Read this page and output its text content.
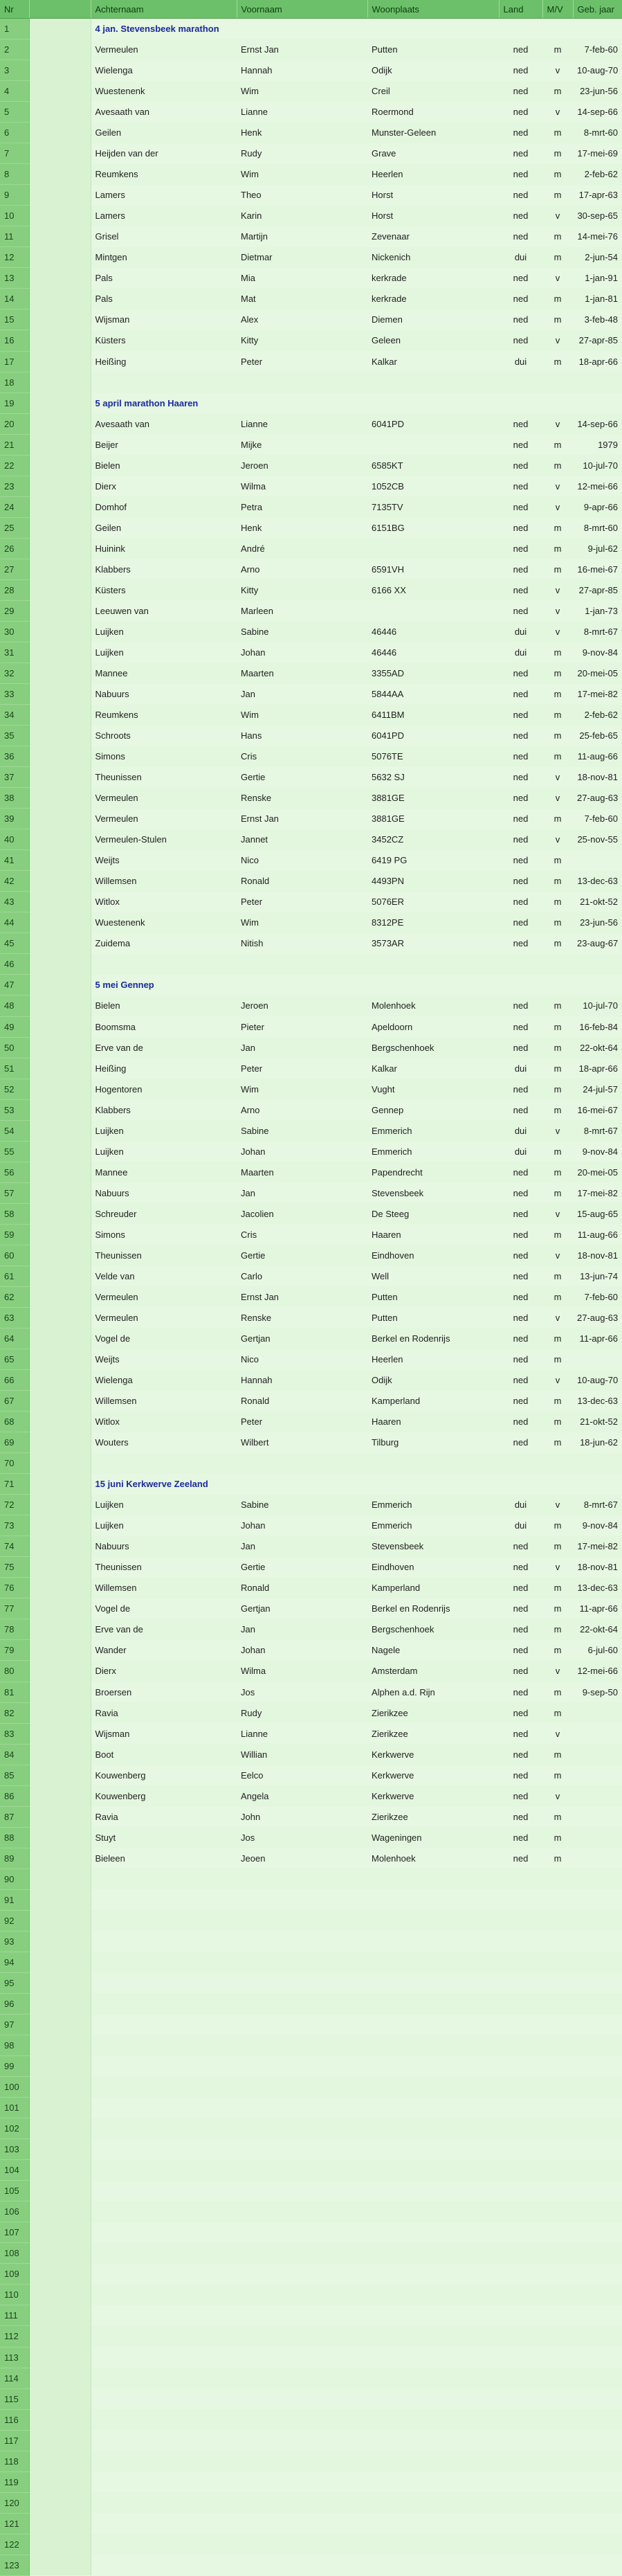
Nr		Achternaam	Voornaam	Woonplaats	Land	M/V	Geb. jaar
1		4 jan. Stevensbeek marathon					
2		Vermeulen	Ernst Jan	Putten	ned	m	7-feb-60
3		Wielenga	Hannah	Odijk	ned	v	10-aug-70
4		Wuestenenk	Wim	Creil	ned	m	23-jun-56
5		Avesaath van	Lianne	Roermond	ned	v	14-sep-66
6		Geilen	Henk	Munster-Geleen	ned	m	8-mrt-60
7		Heijden van der	Rudy	Grave	ned	m	17-mei-69
8		Reumkens	Wim	Heerlen	ned	m	2-feb-62
9		Lamers	Theo	Horst	ned	m	17-apr-63
10		Lamers	Karin	Horst	ned	v	30-sep-65
11		Grisel	Martijn	Zevenaar	ned	m	14-mei-76
12		Mintgen	Dietmar	Nickenich	dui	m	2-jun-54
13		Pals	Mia	kerkrade	ned	v	1-jan-91
14		Pals	Mat	kerkrade	ned	m	1-jan-81
15		Wijsman	Alex	Diemen	ned	m	3-feb-48
16		Küsters	Kitty	Geleen	ned	v	27-apr-85
17		Heißing	Peter	Kalkar	dui	m	18-apr-66
18							
19		5 april marathon Haaren					
20		Avesaath van	Lianne	6041PD	ned	v	14-sep-66
21		Beijer	Mijke		ned	m	1979
22		Bielen	Jeroen	6585KT	ned	m	10-jul-70
23		Dierx	Wilma	1052CB	ned	v	12-mei-66
24		Domhof	Petra	7135TV	ned	v	9-apr-66
25		Geilen	Henk	6151BG	ned	m	8-mrt-60
26		Huinink	André		ned	m	9-jul-62
27		Klabbers	Arno	6591VH	ned	m	16-mei-67
28		Küsters	Kitty	6166 XX	ned	v	27-apr-85
29		Leeuwen van	Marleen		ned	v	1-jan-73
30		Luijken	Sabine	46446	dui	v	8-mrt-67
31		Luijken	Johan	46446	dui	m	9-nov-84
32		Mannee	Maarten	3355AD	ned	m	20-mei-05
33		Nabuurs	Jan	5844AA	ned	m	17-mei-82
34		Reumkens	Wim	6411BM	ned	m	2-feb-62
35		Schroots	Hans	6041PD	ned	m	25-feb-65
36		Simons	Cris	5076TE	ned	m	11-aug-66
37		Theunissen	Gertie	5632 SJ	ned	v	18-nov-81
38		Vermeulen	Renske	3881GE	ned	v	27-aug-63
39		Vermeulen	Ernst Jan	3881GE	ned	m	7-feb-60
40		Vermeulen-Stulen	Jannet	3452CZ	ned	v	25-nov-55
41		Weijts	Nico	6419 PG	ned	m	
42		Willemsen	Ronald	4493PN	ned	m	13-dec-63
43		Witlox	Peter	5076ER	ned	m	21-okt-52
44		Wuestenenk	Wim	8312PE	ned	m	23-jun-56
45		Zuidema	Nitish	3573AR	ned	m	23-aug-67
46							
47		5 mei Gennep					
48		Bielen	Jeroen	Molenhoek	ned	m	10-jul-70
49		Boomsma	Pieter	Apeldoorn	ned	m	16-feb-84
50		Erve van de	Jan	Bergschenhoek	ned	m	22-okt-64
51		Heißing	Peter	Kalkar	dui	m	18-apr-66
52		Hogentoren	Wim	Vught	ned	m	24-jul-57
53		Klabbers	Arno	Gennep	ned	m	16-mei-67
54		Luijken	Sabine	Emmerich	dui	v	8-mrt-67
55		Luijken	Johan	Emmerich	dui	m	9-nov-84
56		Mannee	Maarten	Papendrecht	ned	m	20-mei-05
57		Nabuurs	Jan	Stevensbeek	ned	m	17-mei-82
58		Schreuder	Jacolien	De Steeg	ned	v	15-aug-65
59		Simons	Cris	Haaren	ned	m	11-aug-66
60		Theunissen	Gertie	Eindhoven	ned	v	18-nov-81
61		Velde van	Carlo	Well	ned	m	13-jun-74
62		Vermeulen	Ernst Jan	Putten	ned	m	7-feb-60
63		Vermeulen	Renske	Putten	ned	v	27-aug-63
64		Vogel de	Gertjan	Berkel en Rodenrijs	ned	m	11-apr-66
65		Weijts	Nico	Heerlen	ned	m	
66		Wielenga	Hannah	Odijk	ned	v	10-aug-70
67		Willemsen	Ronald	Kamperland	ned	m	13-dec-63
68		Witlox	Peter	Haaren	ned	m	21-okt-52
69		Wouters	Wilbert	Tilburg	ned	m	18-jun-62
70							
71		15 juni Kerkwerve Zeeland					
72		Luijken	Sabine	Emmerich	dui	v	8-mrt-67
73		Luijken	Johan	Emmerich	dui	m	9-nov-84
74		Nabuurs	Jan	Stevensbeek	ned	m	17-mei-82
75		Theunissen	Gertie	Eindhoven	ned	v	18-nov-81
76		Willemsen	Ronald	Kamperland	ned	m	13-dec-63
77		Vogel de	Gertjan	Berkel en Rodenrijs	ned	m	11-apr-66
78		Erve van de	Jan	Bergschenhoek	ned	m	22-okt-64
79		Wander	Johan	Nagele	ned	m	6-jul-60
80		Dierx	Wilma	Amsterdam	ned	v	12-mei-66
81		Broersen	Jos	Alphen a.d. Rijn	ned	m	9-sep-50
82		Ravia	Rudy	Zierikzee	ned	m	
83		Wijsman	Lianne	Zierikzee	ned	v	
84		Boot	Willian	Kerkwerve	ned	m	
85		Kouwenberg	Eelco	Kerkwerve	ned	m	
86		Kouwenberg	Angela	Kerkwerve	ned	v	
87		Ravia	John	Zierikzee	ned	m	
88		Stuyt	Jos	Wageningen	ned	m	
89		Bieleen	Jeoen	Molenhoek	ned	m	
90							
91							
92							
93							
94							
95							
96							
97							
98							
99							
100							
101							
102							
103							
104							
105							
106							
107							
108							
109							
110							
111							
112							
113							
114							
115							
116							
117							
118							
119							
120							
121							
122							
123							
